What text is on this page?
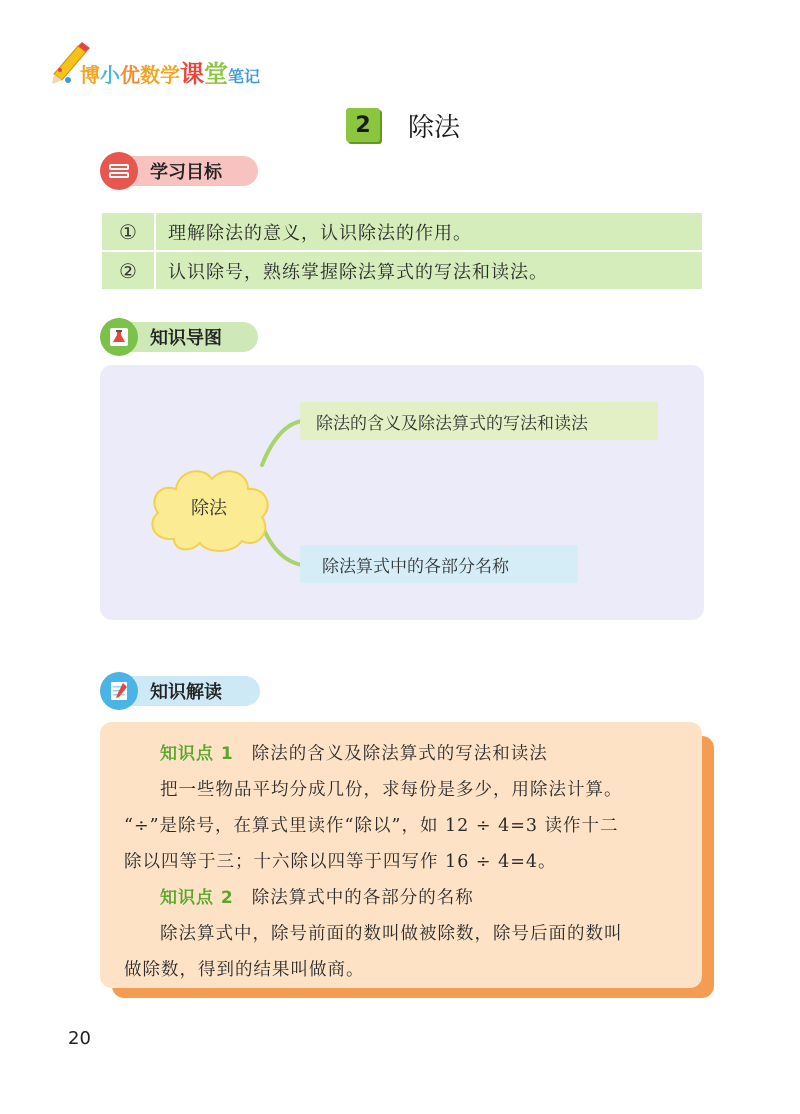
博小优数学课堂笔记
2	除法
学习目标
①	理解除法的意义，认识除法的作用。
②	认识除号，熟练掌握除法算式的写法和读法。
知识导图
除法
除法的含义及除法算式的写法和读法
除法算式中的各部分名称
知识解读

知识点 1 除法的含义及除法算式的写法和读法

把一些物品平均分成几份，求每份是多少，用除法计算。

“÷”是除号，在算式里读作“除以”，如 12 ÷ 4=3 读作十二

除以四等于三；十六除以四等于四写作 16 ÷ 4=4。

知识点 2 除法算式中的各部分的名称

除法算式中，除号前面的数叫做被除数，除号后面的数叫

做除数，得到的结果叫做商。

20
